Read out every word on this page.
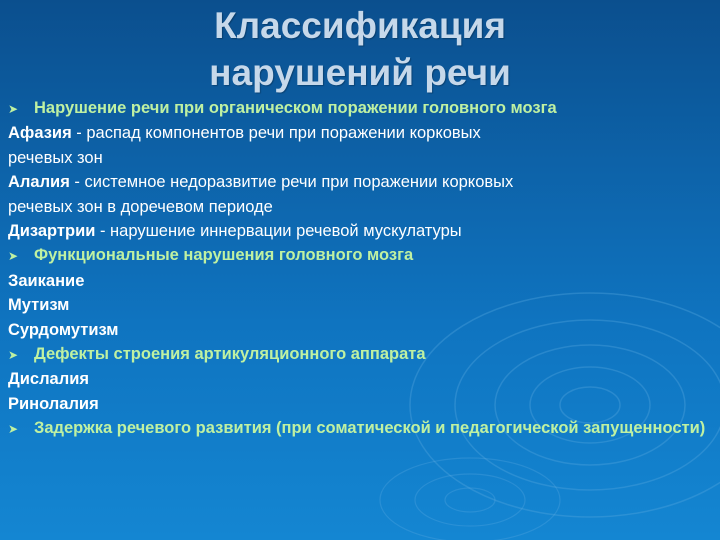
Классификация
нарушений речи
➤ Нарушение речи при органическом поражении головного мозга
Афазия - распад компонентов речи при поражении корковых
речевых зон
Алалия - системное недоразвитие речи при поражении корковых
речевых зон в доречевом периоде
Дизартрии - нарушение иннервации речевой мускулатуры
➤ Функциональные нарушения головного мозга
Заикание
Мутизм
Сурдомутизм
➤ Дефекты строения артикуляционного аппарата
Дислалия
Ринолалия
➤ Задержка речевого развития (при соматической и педагогической запущенности)
